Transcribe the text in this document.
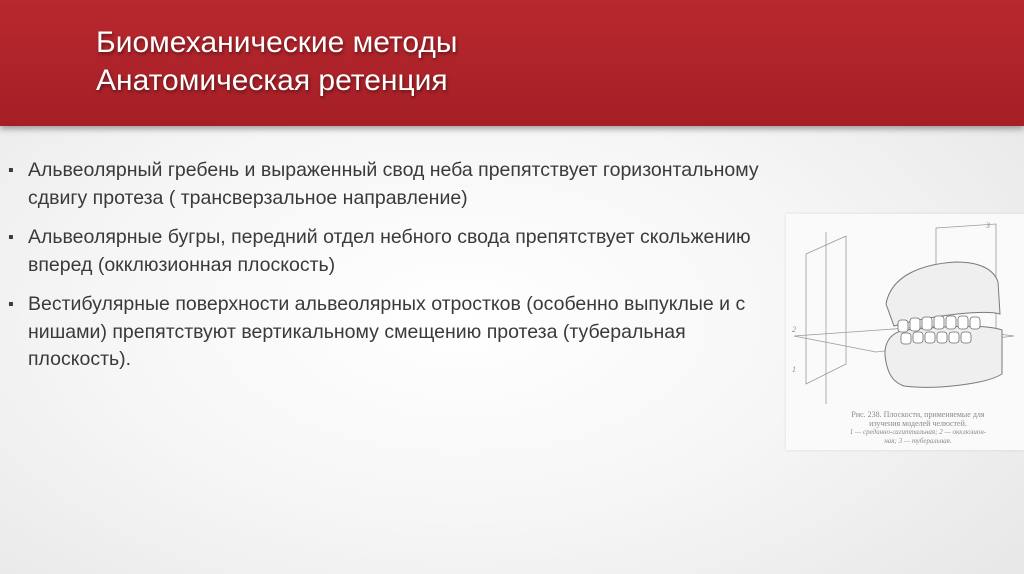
Биомеханические методы
Анатомическая ретенция
▪ Альвеолярный гребень и выраженный свод неба препятствует горизонтальному сдвигу протеза ( трансверзальное направление)
▪ Альвеолярные бугры, передний отдел небного свода препятствует скольжению вперед (окклюзионная плоскость)
▪ Вестибулярные поверхности альвеолярных отростков (особенно выпуклые и с нишами) препятствуют вертикальному смещению протеза (туберальная плоскость).
3
2
1
Рис. 238. Плоскости, применяемые для
изучения моделей челюстей.
1 — срединно-сагиттальная; 2 — окклюзион-
ная; 3 — туберальная.
